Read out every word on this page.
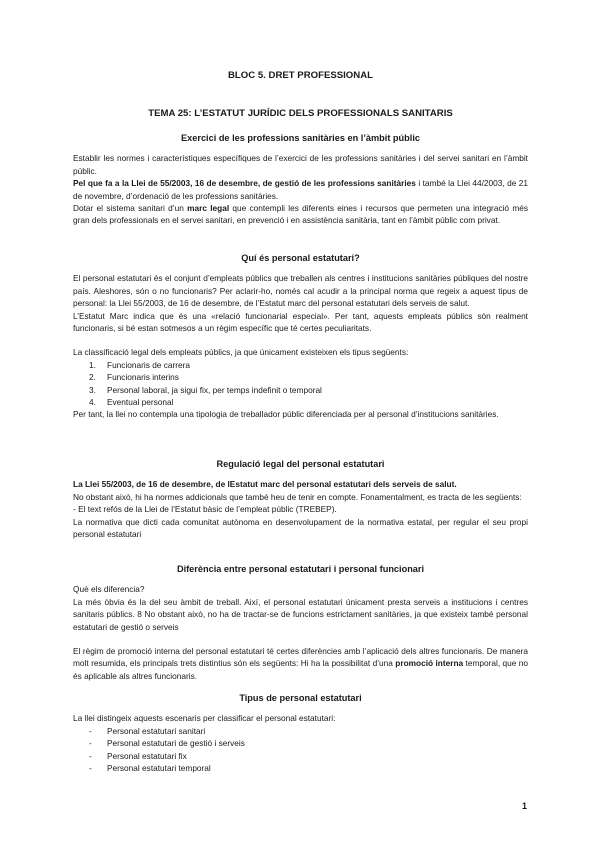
BLOC 5. DRET PROFESSIONAL
TEMA 25: L’ESTATUT JURÍDIC DELS PROFESSIONALS SANITARIS
Exercici de les professions sanitàries en l’àmbit públic

Establir les normes i característiques específiques de l’exercici de les professions sanitàries i del servei sanitari en l’àmbit públic.

Pel que fa a la Llei de 55/2003, 16 de desembre, de gestió de les professions sanitàries i també la Llei 44/2003, de 21 de novembre, d’ordenació de les professions sanitàries.

Dotar el sistema sanitari d’un marc legal que contempli les diferents eines i recursos que permeten una integració més gran dels professionals en el servei sanitari, en prevenció i en assistència sanitària, tant en l’àmbit públic com privat.

Quí és personal estatutari?

El personal estatutari és el conjunt d’empleats públics que treballen als centres i institucions sanitàries públiques del nostre país. Aleshores, són o no funcionaris? Per aclarir-ho, només cal acudir a la principal norma que regeix a aquest tipus de personal: la Llei 55/2003, de 16 de desembre, de l’Estatut marc del personal estatutari dels serveis de salut.

L’Estatut Marc indica que és una «relació funcionarial especial». Per tant, aquests empleats públics són realment funcionaris, si bé estan sotmesos a un règim específic que té certes peculiaritats.

La classificació legal dels empleats públics, ja que únicament existeixen els tipus següents:

1. Funcionaris de carrera
2. Funcionaris interins
3. Personal laboral, ja sigui fix, per temps indefinit o temporal
4. Eventual personal

Per tant, la llei no contempla una tipologia de treballador públic diferenciada per al personal d’institucions sanitàries.

Regulació legal del personal estatutari

La Llei 55/2003, de 16 de desembre, de lEstatut marc del personal estatutari dels serveis de salut.

No obstant això, hi ha normes addicionals que també heu de tenir en compte. Fonamentalment, es tracta de les següents:

- El text refós de la Llei de l’Estatut bàsic de l’empleat públic (TREBEP).

La normativa que dicti cada comunitat autònoma en desenvolupament de la normativa estatal, per regular el seu propi personal estatutari

Diferència entre personal estatutari i personal funcionari

Què els diferencia?

La més òbvia és la del seu àmbit de treball. Així, el personal estatutari únicament presta serveis a institucions i centres sanitaris públics. 8 No obstant això, no ha de tractar-se de funcions estrictament sanitàries, ja que existeix també personal estatutari de gestió o serveis

El règim de promoció interna del personal estatutari té certes diferències amb l’aplicació dels altres funcionaris. De manera molt resumida, els principals trets distintius són els següents: Hi ha la possibilitat d’una promoció interna temporal, que no és aplicable als altres funcionaris.

Tipus de personal estatutari

La llei distingeix aquests escenaris per classificar el personal estatutari:

- Personal estatutari sanitari
- Personal estatutari de gestió i serveis
- Personal estatutari fix
- Personal estatutari temporal
1
